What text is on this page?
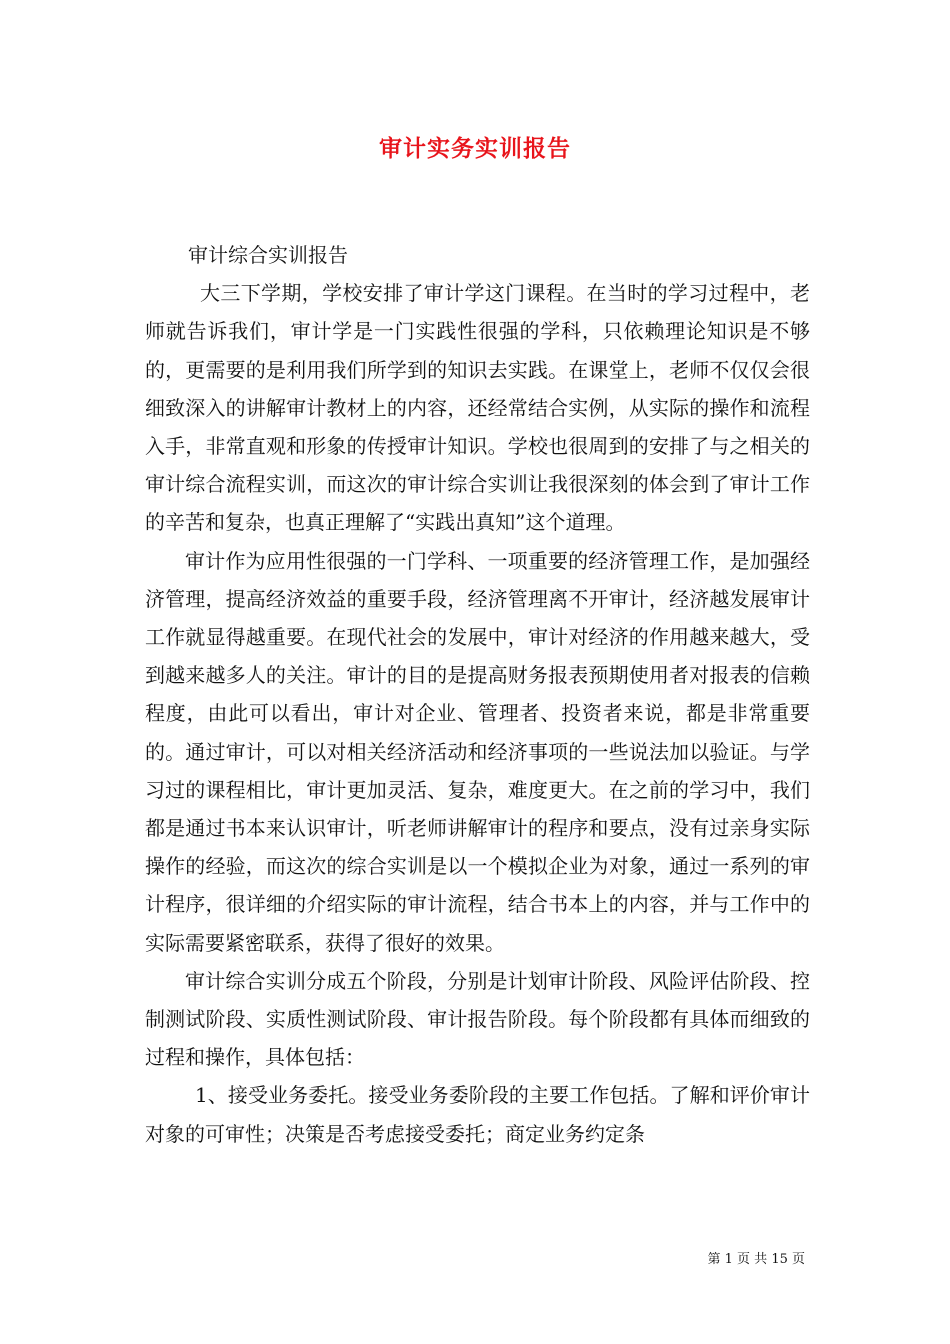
审计实务实训报告

审计综合实训报告

大三下学期，学校安排了审计学这门课程。在当时的学习过程中，老师就告诉我们，审计学是一门实践性很强的学科，只依赖理论知识是不够的，更需要的是利用我们所学到的知识去实践。在课堂上，老师不仅仅会很细致深入的讲解审计教材上的内容，还经常结合实例，从实际的操作和流程入手，非常直观和形象的传授审计知识。学校也很周到的安排了与之相关的审计综合流程实训，而这次的审计综合实训让我很深刻的体会到了审计工作的辛苦和复杂，也真正理解了“实践出真知”这个道理。

审计作为应用性很强的一门学科、一项重要的经济管理工作，是加强经济管理，提高经济效益的重要手段，经济管理离不开审计，经济越发展审计工作就显得越重要。在现代社会的发展中，审计对经济的作用越来越大，受到越来越多人的关注。审计的目的是提高财务报表预期使用者对报表的信赖程度，由此可以看出，审计对企业、管理者、投资者来说，都是非常重要的。通过审计，可以对相关经济活动和经济事项的一些说法加以验证。与学习过的课程相比，审计更加灵活、复杂，难度更大。在之前的学习中，我们都是通过书本来认识审计，听老师讲解审计的程序和要点，没有过亲身实际操作的经验，而这次的综合实训是以一个模拟企业为对象，通过一系列的审计程序，很详细的介绍实际的审计流程，结合书本上的内容，并与工作中的实际需要紧密联系，获得了很好的效果。

审计综合实训分成五个阶段，分别是计划审计阶段、风险评估阶段、控制测试阶段、实质性测试阶段、审计报告阶段。每个阶段都有具体而细致的过程和操作，具体包括：

1、接受业务委托。接受业务委阶段的主要工作包括。了解和评价审计对象的可审性；决策是否考虑接受委托；商定业务约定条

第 1 页 共 15 页
